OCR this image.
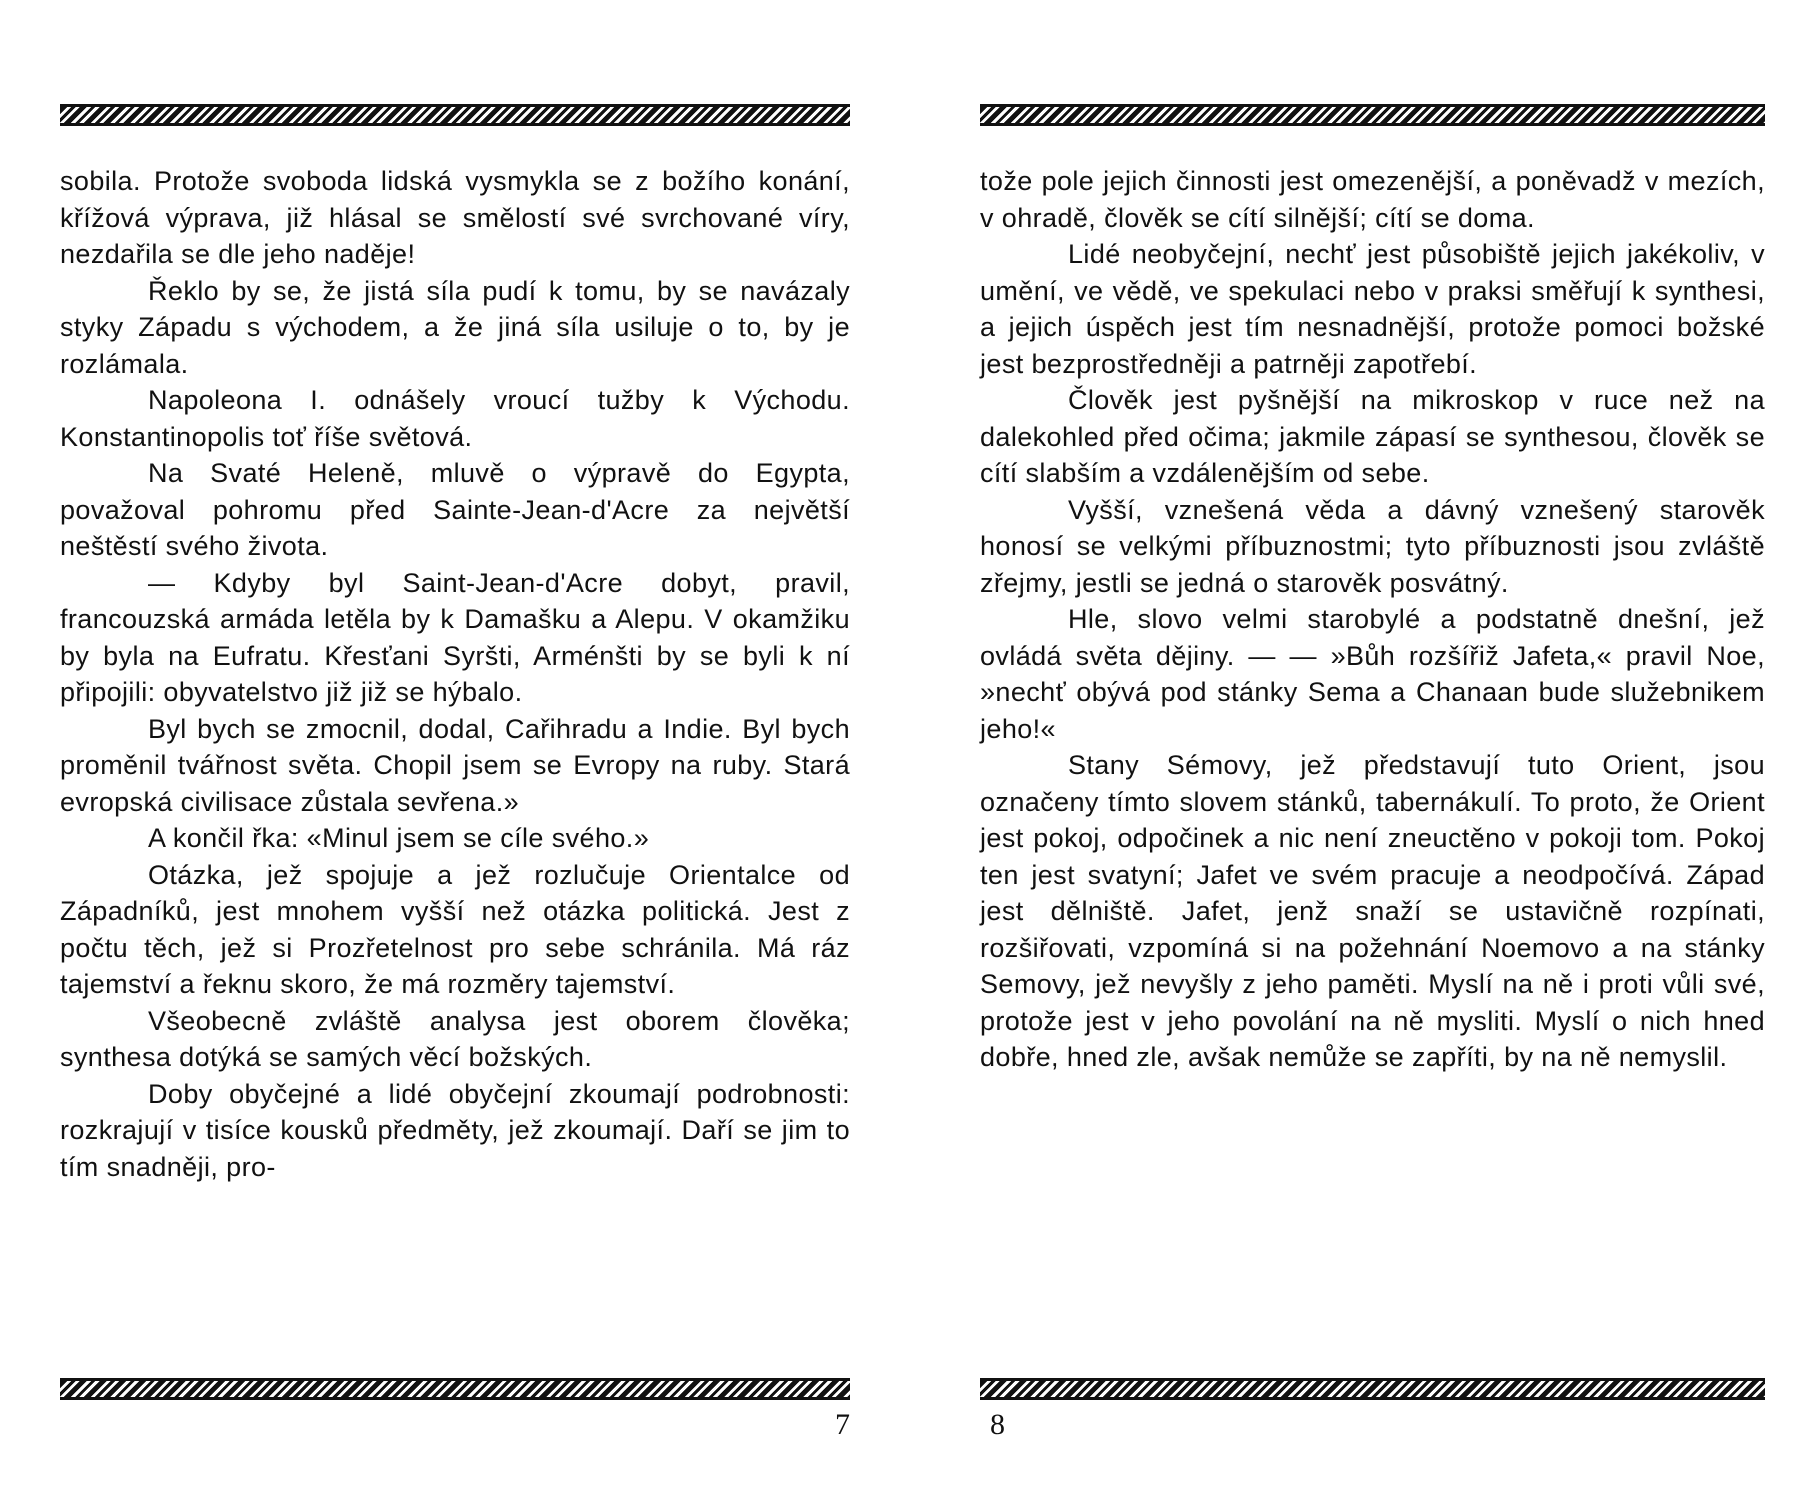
sobila. Protože svoboda lidská vysmykla se z božího konání, křížová výprava, již hlásal se smělostí své svrchované víry, nezdařila se dle jeho naděje!

Řeklo by se, že jistá síla pudí k tomu, by se navázaly styky Západu s východem, a že jiná síla usiluje o to, by je rozlámala.

Napoleona I. odnášely vroucí tužby k Východu. Konstantinopolis toť říše světová.

Na Svaté Heleně, mluvě o výpravě do Egypta, považoval pohromu před Sainte-Jean-d'Acre za největší neštěstí svého života.

— Kdyby byl Saint-Jean-d'Acre dobyt, pravil, francouzská armáda letěla by k Damašku a Alepu. V okamžiku by byla na Eufratu. Křesťani Syršti, Arménšti by se byli k ní připojili: obyvatelstvo již již se hýbalo.

Byl bych se zmocnil, dodal, Cařihradu a Indie. Byl bych proměnil tvářnost světa. Chopil jsem se Evropy na ruby. Stará evropská civilisace zůstala sevřena.»

A končil řka: «Minul jsem se cíle svého.»

Otázka, jež spojuje a jež rozlučuje Orientalce od Západníků, jest mnohem vyšší než otázka politická. Jest z počtu těch, jež si Prozřetelnost pro sebe schránila. Má ráz tajemství a řeknu skoro, že má rozměry tajemství.

Všeobecně zvláště analysa jest oborem člověka; synthesa dotýká se samých věcí božských.

Doby obyčejné a lidé obyčejní zkoumají podrobnosti: rozkrajují v tisíce kousků předměty, jež zkoumají. Daří se jim to tím snadněji, pro-

7

tože pole jejich činnosti jest omezenější, a poněvadž v mezích, v ohradě, člověk se cítí silnější; cítí se doma.

Lidé neobyčejní, nechť jest působiště jejich jakékoliv, v umění, ve vědě, ve spekulaci nebo v praksi směřují k synthesi, a jejich úspěch jest tím nesnadnější, protože pomoci božské jest bezprostředněji a patrněji zapotřebí.

Člověk jest pyšnější na mikroskop v ruce než na dalekohled před očima; jakmile zápasí se synthesou, člověk se cítí slabším a vzdálenějším od sebe.

Vyšší, vznešená věda a dávný vznešený starověk honosí se velkými příbuznostmi; tyto příbuznosti jsou zvláště zřejmy, jestli se jedná o starověk posvátný.

Hle, slovo velmi starobylé a podstatně dnešní, jež ovládá světa dějiny. — — »Bůh rozšířiž Jafeta,« pravil Noe, »nechť obývá pod stánky Sema a Chanaan bude služebnikem jeho!«

Stany Sémovy, jež představují tuto Orient, jsou označeny tímto slovem stánků, tabernákulí. To proto, že Orient jest pokoj, odpočinek a nic není zneuctěno v pokoji tom. Pokoj ten jest svatyní; Jafet ve svém pracuje a neodpočívá. Západ jest dělniště. Jafet, jenž snaží se ustavičně rozpínati, rozšiřovati, vzpomíná si na požehnání Noemovo a na stánky Semovy, jež nevyšly z jeho paměti. Myslí na ně i proti vůli své, protože jest v jeho povolání na ně mysliti. Myslí o nich hned dobře, hned zle, avšak nemůže se zapříti, by na ně nemyslil.

8
